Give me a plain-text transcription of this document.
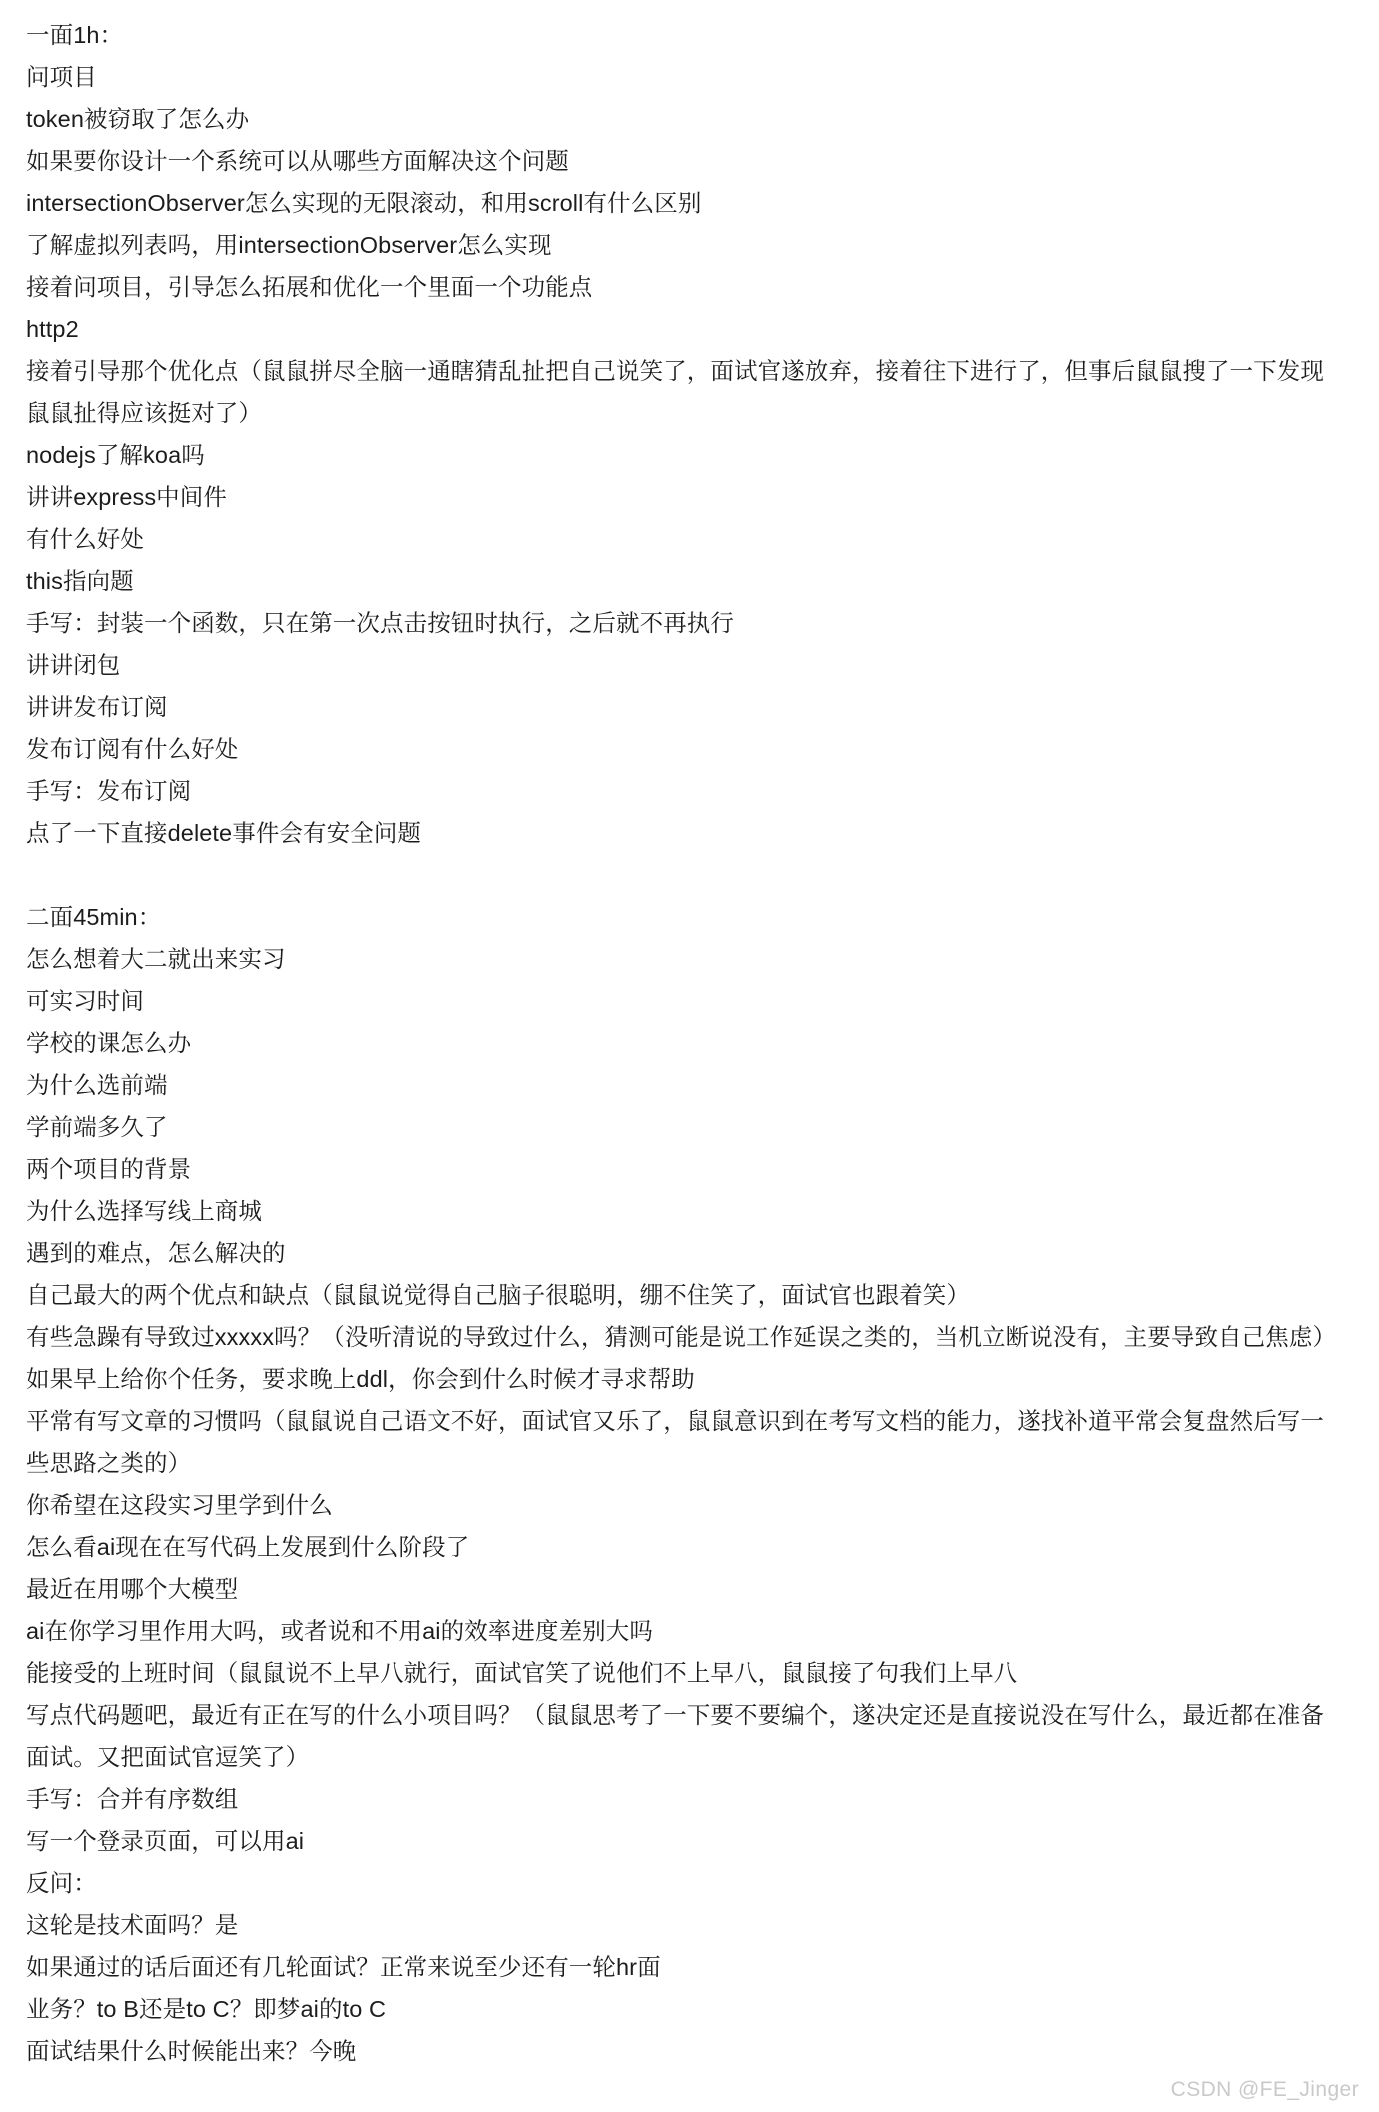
一面1h：

问项目

token被窃取了怎么办

如果要你设计一个系统可以从哪些方面解决这个问题

intersectionObserver怎么实现的无限滚动，和用scroll有什么区别

了解虚拟列表吗，用intersectionObserver怎么实现

接着问项目，引导怎么拓展和优化一个里面一个功能点

http2

接着引导那个优化点（鼠鼠拼尽全脑一通瞎猜乱扯把自己说笑了，面试官遂放弃，接着往下进行了，但事后鼠鼠搜了一下发现鼠鼠扯得应该挺对了）

nodejs了解koa吗

讲讲express中间件

有什么好处

this指向题

手写：封装一个函数，只在第一次点击按钮时执行，之后就不再执行

讲讲闭包

讲讲发布订阅

发布订阅有什么好处

手写：发布订阅

点了一下直接delete事件会有安全问题

二面45min：

怎么想着大二就出来实习

可实习时间

学校的课怎么办

为什么选前端

学前端多久了

两个项目的背景

为什么选择写线上商城

遇到的难点，怎么解决的

自己最大的两个优点和缺点（鼠鼠说觉得自己脑子很聪明，绷不住笑了，面试官也跟着笑）

有些急躁有导致过xxxxx吗？（没听清说的导致过什么，猜测可能是说工作延误之类的，当机立断说没有，主要导致自己焦虑）

如果早上给你个任务，要求晚上ddl，你会到什么时候才寻求帮助

平常有写文章的习惯吗（鼠鼠说自己语文不好，面试官又乐了，鼠鼠意识到在考写文档的能力，遂找补道平常会复盘然后写一些思路之类的）

你希望在这段实习里学到什么

怎么看ai现在在写代码上发展到什么阶段了

最近在用哪个大模型

ai在你学习里作用大吗，或者说和不用ai的效率进度差别大吗

能接受的上班时间（鼠鼠说不上早八就行，面试官笑了说他们不上早八，鼠鼠接了句我们上早八

写点代码题吧，最近有正在写的什么小项目吗？（鼠鼠思考了一下要不要编个，遂决定还是直接说没在写什么，最近都在准备面试。又把面试官逗笑了）

手写：合并有序数组

写一个登录页面，可以用ai

反问：

这轮是技术面吗？是

如果通过的话后面还有几轮面试？正常来说至少还有一轮hr面

业务？to B还是to C？即梦ai的to C

面试结果什么时候能出来？今晚

CSDN @FE_Jinger
